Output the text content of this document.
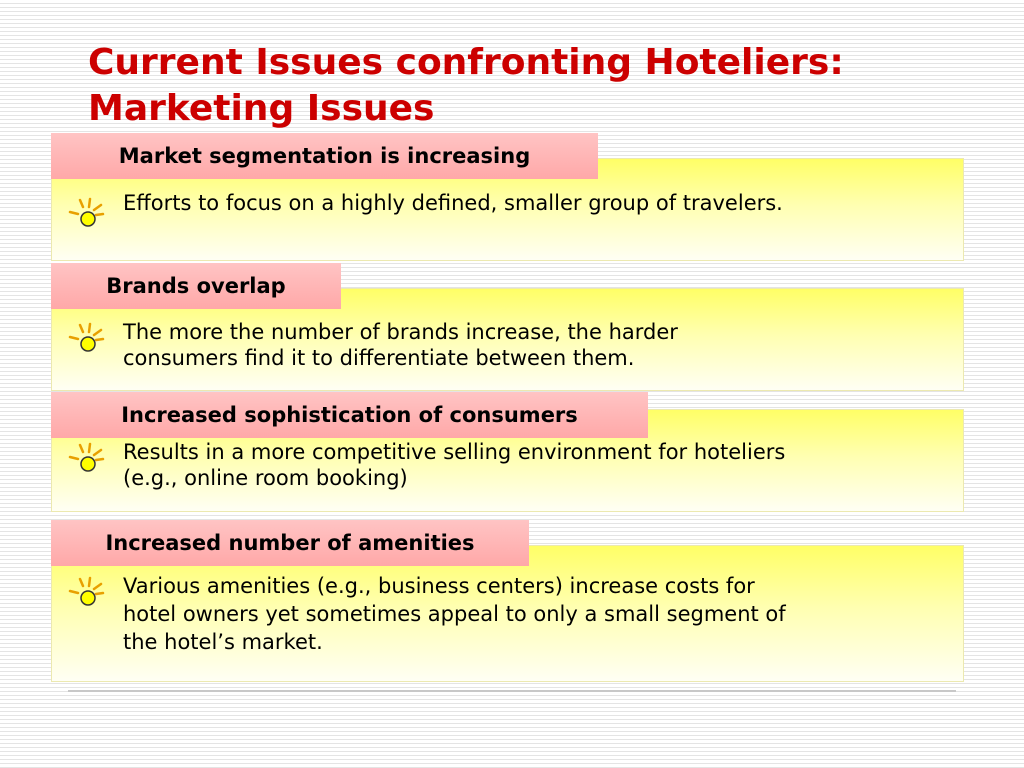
Current Issues confronting Hoteliers:
Marketing Issues
Market segmentation is increasing

Efforts to focus on a highly defined, smaller group of travelers.

Brands overlap

The more the number of brands increase, the harder
consumers find it to differentiate between them.

Increased sophistication of consumers

Results in a more competitive selling environment for hoteliers
(e.g., online room booking)

Increased number of amenities

Various amenities (e.g., business centers) increase costs for
hotel owners yet sometimes appeal to only a small segment of
the hotel’s market.
